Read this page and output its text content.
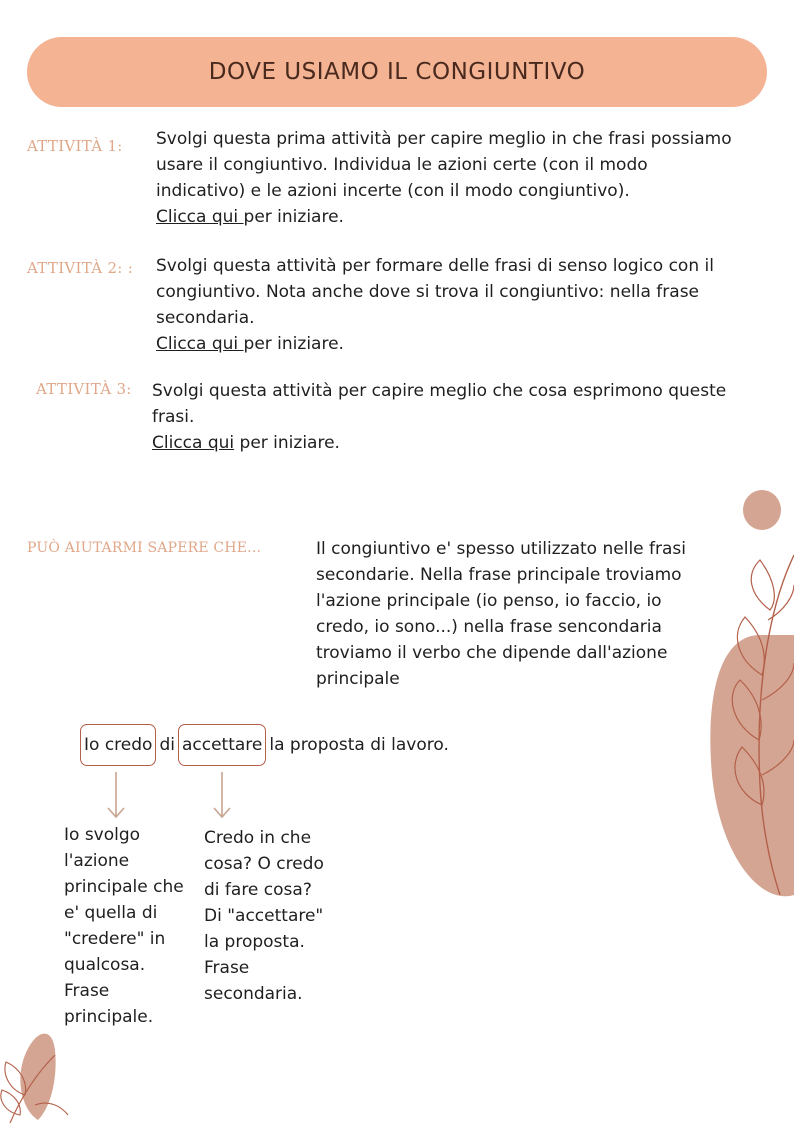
DOVE USIAMO IL CONGIUNTIVO
ATTIVITÀ 1: Svolgi questa prima attività per capire meglio in che frasi possiamo usare il congiuntivo. Individua le azioni certe (con il modo indicativo) e le azioni incerte (con il modo congiuntivo).

Clicca qui per iniziare.

ATTIVITÀ 2: : Svolgi questa attività per formare delle frasi di senso logico con il congiuntivo. Nota anche dove si trova il congiuntivo: nella frase secondaria.

Clicca qui per iniziare.

ATTIVITÀ 3: Svolgi questa attività per capire meglio che cosa esprimono queste frasi.

Clicca qui per iniziare.

PUÒ AIUTARMI SAPERE CHE...	Il congiuntivo e' spesso utilizzato nelle frasi secondarie. Nella frase principale troviamo l'azione principale (io penso, io faccio, io credo, io sono...) nella frase sencondaria troviamo il verbo che dipende dall'azione principale
Io credo di accettare la proposta di lavoro.
Io svolgo l'azione principale che e' quella di "credere" in qualcosa. Frase principale.
Credo in che cosa? O credo di fare cosa? Di "accettare" la proposta. Frase secondaria.
